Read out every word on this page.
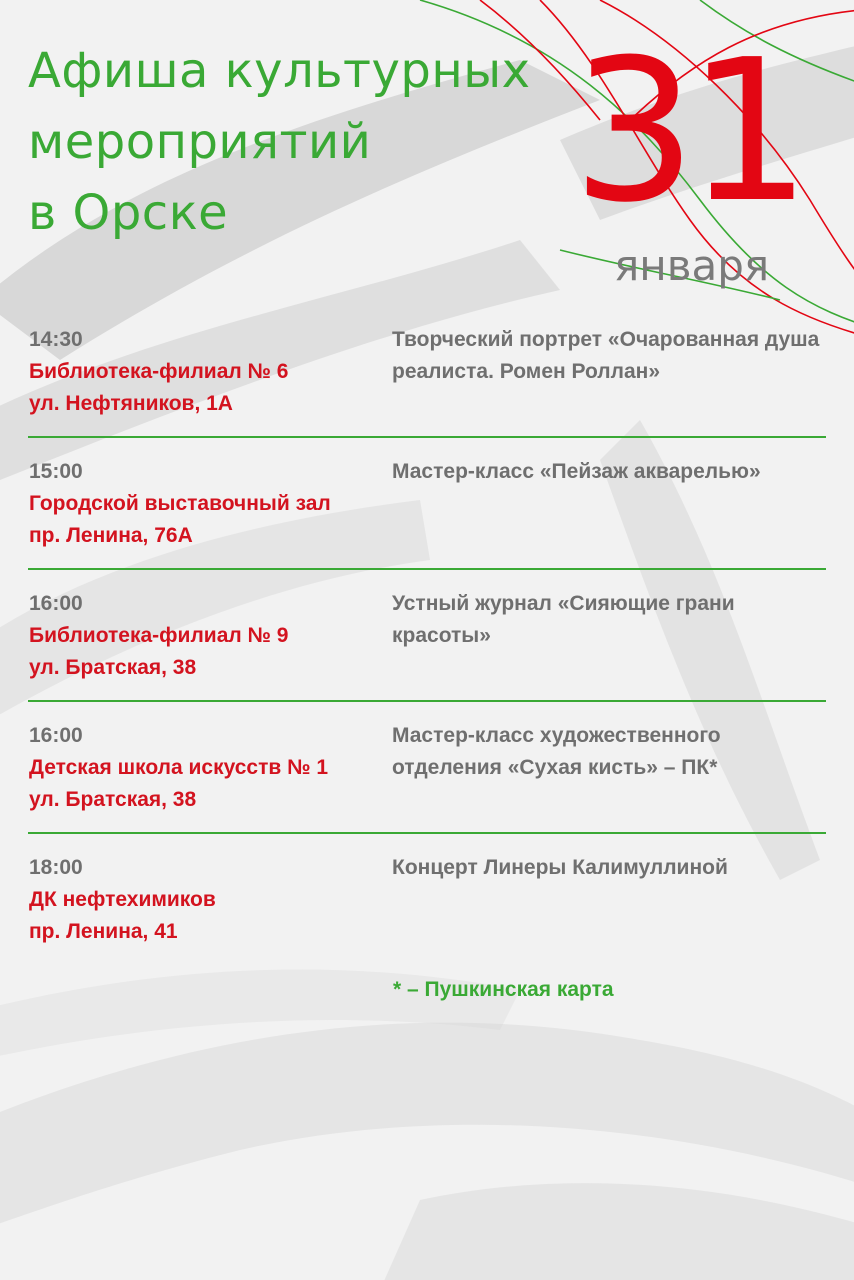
Афиша культурных
мероприятий
в Орске	31
января
14:30
Библиотека-филиал № 6
ул. Нефтяников, 1А
Творческий портрет «Очарованная душа реалиста. Ромен Роллан»
15:00
Городской выставочный зал
пр. Ленина, 76А
Мастер-класс «Пейзаж акварелью»
16:00
Библиотека-филиал № 9
ул. Братская, 38
Устный журнал «Сияющие грани красоты»
16:00
Детская школа искусств № 1
ул. Братская, 38
Мастер-класс художественного отделения «Сухая кисть» – ПК*
18:00
ДК нефтехимиков
пр. Ленина, 41
Концерт Линеры Калимуллиной
* – Пушкинская карта
